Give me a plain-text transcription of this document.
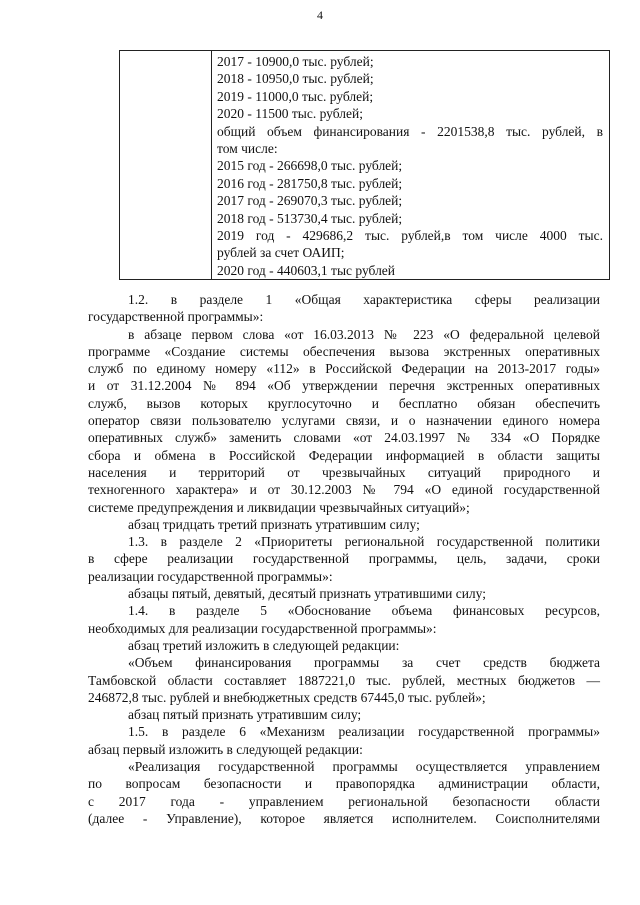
4
2017 - 10900,0 тыс. рублей;
2018 - 10950,0 тыс. рублей;
2019 - 11000,0 тыс. рублей;
2020 - 11500 тыс. рублей;
общий объем финансирования - 2201538,8 тыс. рублей, в
том числе:
2015 год - 266698,0 тыс. рублей;
2016 год - 281750,8 тыс. рублей;
2017 год - 269070,3 тыс. рублей;
2018 год - 513730,4 тыс. рублей;
2019 год - 429686,2 тыс. рублей,в том числе 4000 тыс.
рублей за счет ОАИП;
2020 год - 440603,1 тыс рублей

1.2. в разделе 1 «Общая характеристика сферы реализации

государственной программы»:

в абзаце первом слова «от 16.03.2013 № 223 «О федеральной целевой

программе «Создание системы обеспечения вызова экстренных оперативных

служб по единому номеру «112» в Российской Федерации на 2013-2017 годы»

и от 31.12.2004 № 894 «Об утверждении перечня экстренных оперативных

служб, вызов которых круглосуточно и бесплатно обязан обеспечить

оператор связи пользователю услугами связи, и о назначении единого номера

оперативных служб» заменить словами «от 24.03.1997 № 334 «О Порядке

сбора и обмена в Российской Федерации информацией в области защиты

населения и территорий от чрезвычайных ситуаций природного и

техногенного характера» и от 30.12.2003 № 794 «О единой государственной

системе предупреждения и ликвидации чрезвычайных ситуаций»;

абзац тридцать третий признать утратившим силу;

1.3. в разделе 2 «Приоритеты региональной государственной политики

в сфере реализации государственной программы, цель, задачи, сроки

реализации государственной программы»:

абзацы пятый, девятый, десятый признать утратившими силу;

1.4. в разделе 5 «Обоснование объема финансовых ресурсов,

необходимых для реализации государственной программы»:

абзац третий изложить в следующей редакции:

«Объем финансирования программы за счет средств бюджета

Тамбовской области составляет 1887221,0 тыс. рублей, местных бюджетов —

246872,8 тыс. рублей и внебюджетных средств 67445,0 тыс. рублей»;

абзац пятый признать утратившим силу;

1.5. в разделе 6 «Механизм реализации государственной программы»

абзац первый изложить в следующей редакции:

«Реализация государственной программы осуществляется управлением

по вопросам безопасности и правопорядка администрации области,

с 2017 года - управлением региональной безопасности области

(далее - Управление), которое является исполнителем. Соисполнителями
